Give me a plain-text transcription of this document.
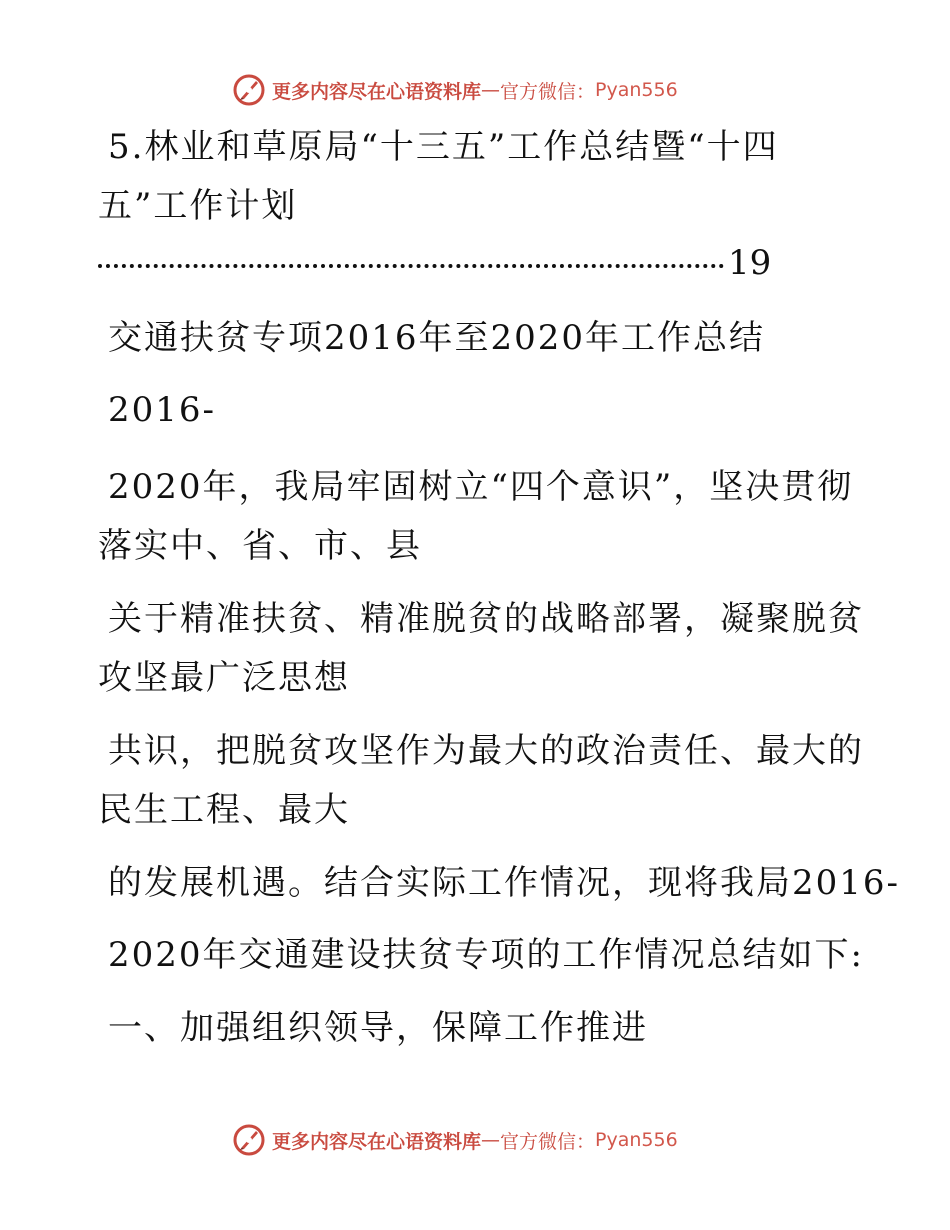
更多内容尽在心语资料库 — 官方微信： Pyan556
5.林业和草原局“十三五”工作总结暨“十四
五”工作计划
19
交通扶贫专项2016年至2020年工作总结
2016-
2020年，我局牢固树立“四个意识”，坚决贯彻
落实中、省、市、县
关于精准扶贫、精准脱贫的战略部署，凝聚脱贫
攻坚最广泛思想
共识，把脱贫攻坚作为最大的政治责任、最大的
民生工程、最大
的发展机遇。结合实际工作情况，现将我局2016-
2020年交通建设扶贫专项的工作情况总结如下:
一、加强组织领导，保障工作推进
更多内容尽在心语资料库 — 官方微信： Pyan556
